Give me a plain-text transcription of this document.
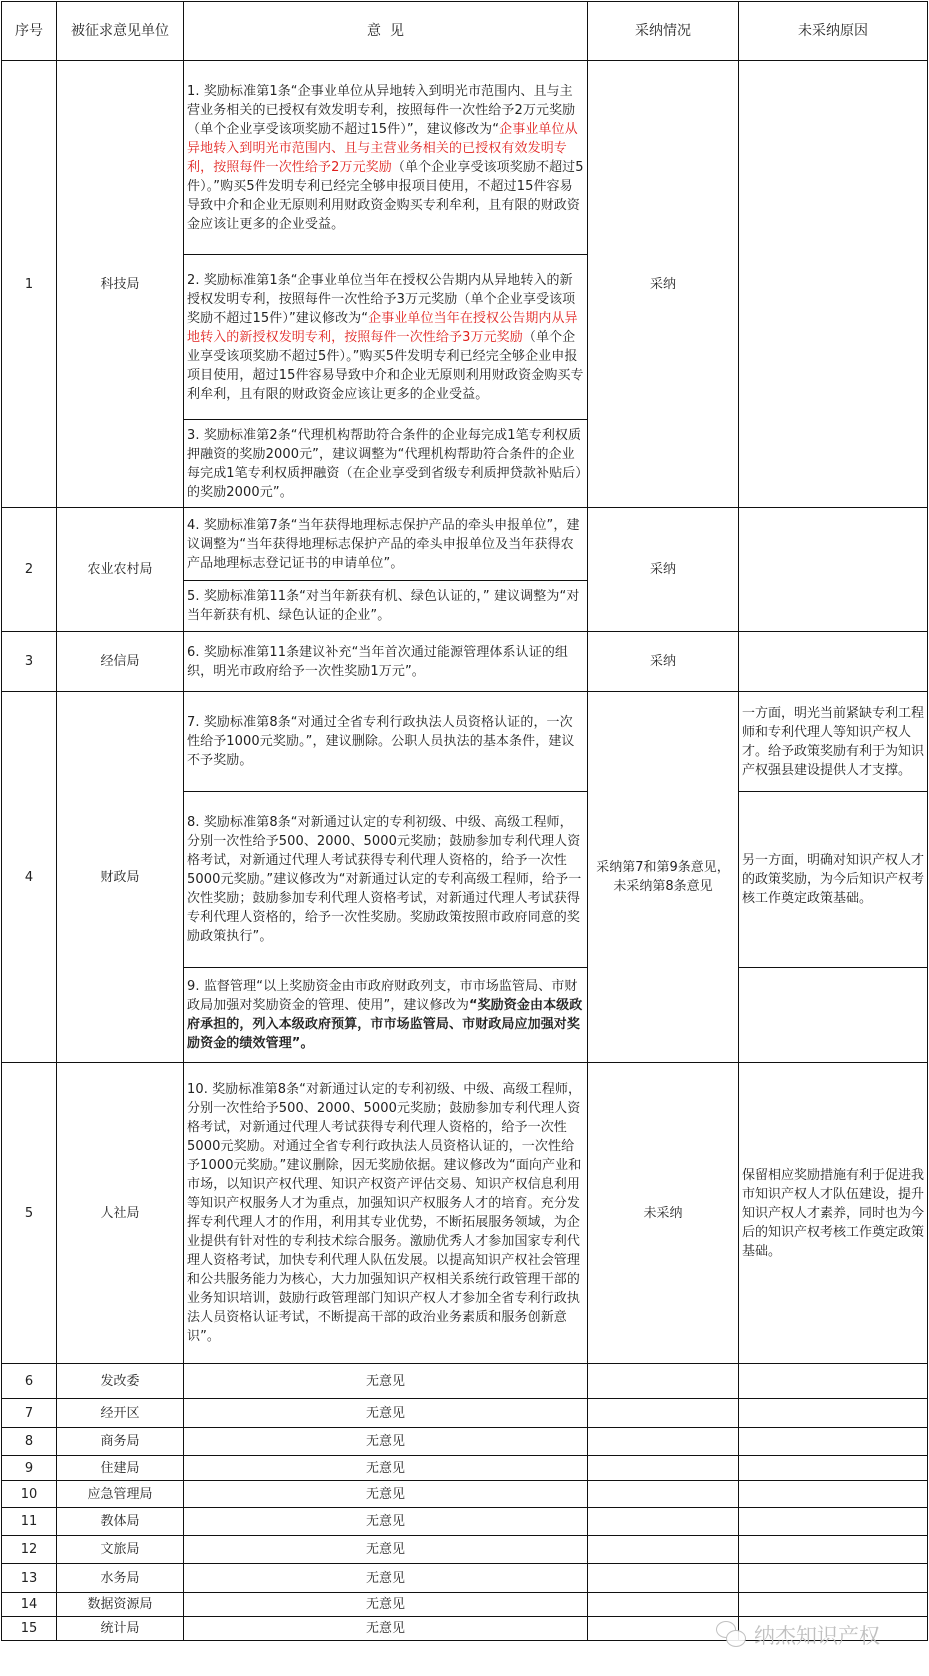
序号	被征求意见单位	意  见	采纳情况	未采纳原因
1	科技局	1. 奖励标准第1条“企事业单位从异地转入到明光市范围内、且与主营业务相关的已授权有效发明专利，按照每件一次性给予2万元奖励（单个企业享受该项奖励不超过15件）”，建议修改为“企事业单位从异地转入到明光市范围内、且与主营业务相关的已授权有效发明专利，按照每件一次性给予2万元奖励（单个企业享受该项奖励不超过5件）。”购买5件发明专利已经完全够申报项目使用，不超过15件容易导致中介和企业无原则利用财政资金购买专利牟利，且有限的财政资金应该让更多的企业受益。	采纳	
		2. 奖励标准第1条“企事业单位当年在授权公告期内从异地转入的新授权发明专利，按照每件一次性给予3万元奖励（单个企业享受该项奖励不超过15件）”建议修改为“企事业单位当年在授权公告期内从异地转入的新授权发明专利，按照每件一次性给予3万元奖励（单个企业享受该项奖励不超过5件）。”购买5件发明专利已经完全够企业申报项目使用，超过15件容易导致中介和企业无原则利用财政资金购买专利牟利，且有限的财政资金应该让更多的企业受益。		
		3. 奖励标准第2条“代理机构帮助符合条件的企业每完成1笔专利权质押融资的奖励2000元”，建议调整为“代理机构帮助符合条件的企业每完成1笔专利权质押融资（在企业享受到省级专利质押贷款补贴后）的奖励2000元”。		
2	农业农村局	4. 奖励标准第7条“当年获得地理标志保护产品的牵头申报单位”，建议调整为“当年获得地理标志保护产品的牵头申报单位及当年获得农产品地理标志登记证书的申请单位”。	采纳	
		5. 奖励标准第11条“对当年新获有机、绿色认证的，” 建议调整为“对当年新获有机、绿色认证的企业”。		
3	经信局	6. 奖励标准第11条建议补充“当年首次通过能源管理体系认证的组织，明光市政府给予一次性奖励1万元”。	采纳	
4	财政局	7. 奖励标准第8条“对通过全省专利行政执法人员资格认证的，一次性给予1000元奖励。”，建议删除。公职人员执法的基本条件，建议不予奖励。	采纳第7和第9条意见，未采纳第8条意见	一方面，明光当前紧缺专利工程师和专利代理人等知识产权人才。给予政策奖励有利于为知识产权强县建设提供人才支撑。
		8. 奖励标准第8条“对新通过认定的专利初级、中级、高级工程师，分别一次性给予500、2000、5000元奖励；鼓励参加专利代理人资格考试，对新通过代理人考试获得专利代理人资格的，给予一次性5000元奖励。”建议修改为“对新通过认定的专利高级工程师，给予一次性奖励；鼓励参加专利代理人资格考试，对新通过代理人考试获得专利代理人资格的，给予一次性奖励。奖励政策按照市政府同意的奖励政策执行”。		另一方面，明确对知识产权人才的政策奖励，为今后知识产权考核工作奠定政策基础。
		9. 监督管理“以上奖励资金由市政府财政列支，市市场监管局、市财政局加强对奖励资金的管理、使用”，建议修改为“奖励资金由本级政府承担的，列入本级政府预算，市市场监管局、市财政局应加强对奖励资金的绩效管理”。		
5	人社局	10. 奖励标准第8条“对新通过认定的专利初级、中级、高级工程师，分别一次性给予500、2000、5000元奖励；鼓励参加专利代理人资格考试，对新通过代理人考试获得专利代理人资格的，给予一次性5000元奖励。对通过全省专利行政执法人员资格认证的，一次性给予1000元奖励。”建议删除，因无奖励依据。建议修改为“面向产业和市场，以知识产权代理、知识产权资产评估交易、知识产权信息利用等知识产权服务人才为重点，加强知识产权服务人才的培育。充分发挥专利代理人才的作用，利用其专业优势，不断拓展服务领域，为企业提供有针对性的专利技术综合服务。激励优秀人才参加国家专利代理人资格考试，加快专利代理人队伍发展。以提高知识产权社会管理和公共服务能力为核心，大力加强知识产权相关系统行政管理干部的业务知识培训，鼓励行政管理部门知识产权人才参加全省专利行政执法人员资格认证考试，不断提高干部的政治业务素质和服务创新意识”。	未采纳	保留相应奖励措施有利于促进我市知识产权人才队伍建设，提升知识产权人才素养，同时也为今后的知识产权考核工作奠定政策基础。
6	发改委	无意见		
7	经开区	无意见		
8	商务局	无意见		
9	住建局	无意见		
10	应急管理局	无意见		
11	教体局	无意见		
12	文旅局	无意见		
13	水务局	无意见		
14	数据资源局	无意见		
15	统计局	无意见			纳杰知识产权
